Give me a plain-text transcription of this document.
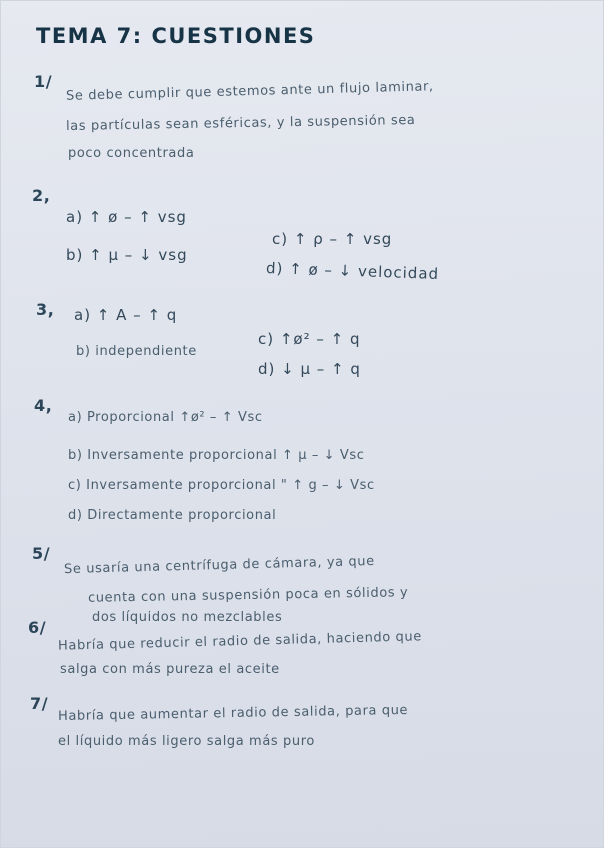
TEMA 7: CUESTIONES
1/ Se debe cumplir que estemos ante un flujo laminar,
las partículas sean esféricas, y la suspensión sea
poco concentrada
2,
a) ↑ ø – ↑ vsg
b) ↑ μ – ↓ vsg
c) ↑ ρ – ↑ vsg
d) ↑ ø – ↓ velocidad
3, a) ↑ A – ↑ q
b) independiente
c) ↑ø² – ↑ q
d) ↓ μ – ↑ q
4,
a) Proporcional ↑ø² – ↑ Vsc
b) Inversamente proporcional ↑ μ – ↓ Vsc
c) Inversamente proporcional " ↑ g – ↓ Vsc
d) Directamente proporcional
5/
Se usaría una centrífuga de cámara, ya que
cuenta con una suspensión poca en sólidos y
dos líquidos no mezclables
6/
Habría que reducir el radio de salida, haciendo que
salga con más pureza el aceite
7/ Habría que aumentar el radio de salida, para que
el líquido más ligero salga más puro
